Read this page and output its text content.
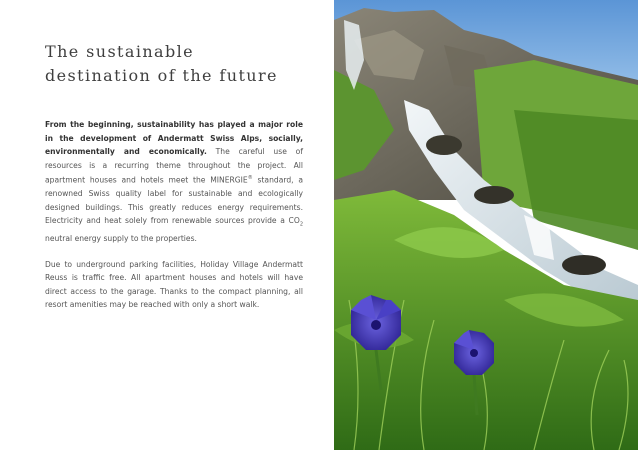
The sustainable
destination of the future

From the beginning, sustainability has played a major role in the development of Andermatt Swiss Alps, socially, environmentally and economically. The careful use of resources is a recurring theme throughout the project. All apartment houses and hotels meet the MINERGIE® standard, a renowned Swiss quality label for sustainable and ecologically designed buildings. This greatly reduces energy requirements. Electricity and heat solely from renewable sources provide a $CO_2$ neutral energy supply to the properties.

Due to underground parking facilities, Holiday Village Andermatt Reuss is traffic free. All apartment houses and hotels will have direct access to the garage. Thanks to the compact planning, all resort amenities may be reached with only a short walk.
